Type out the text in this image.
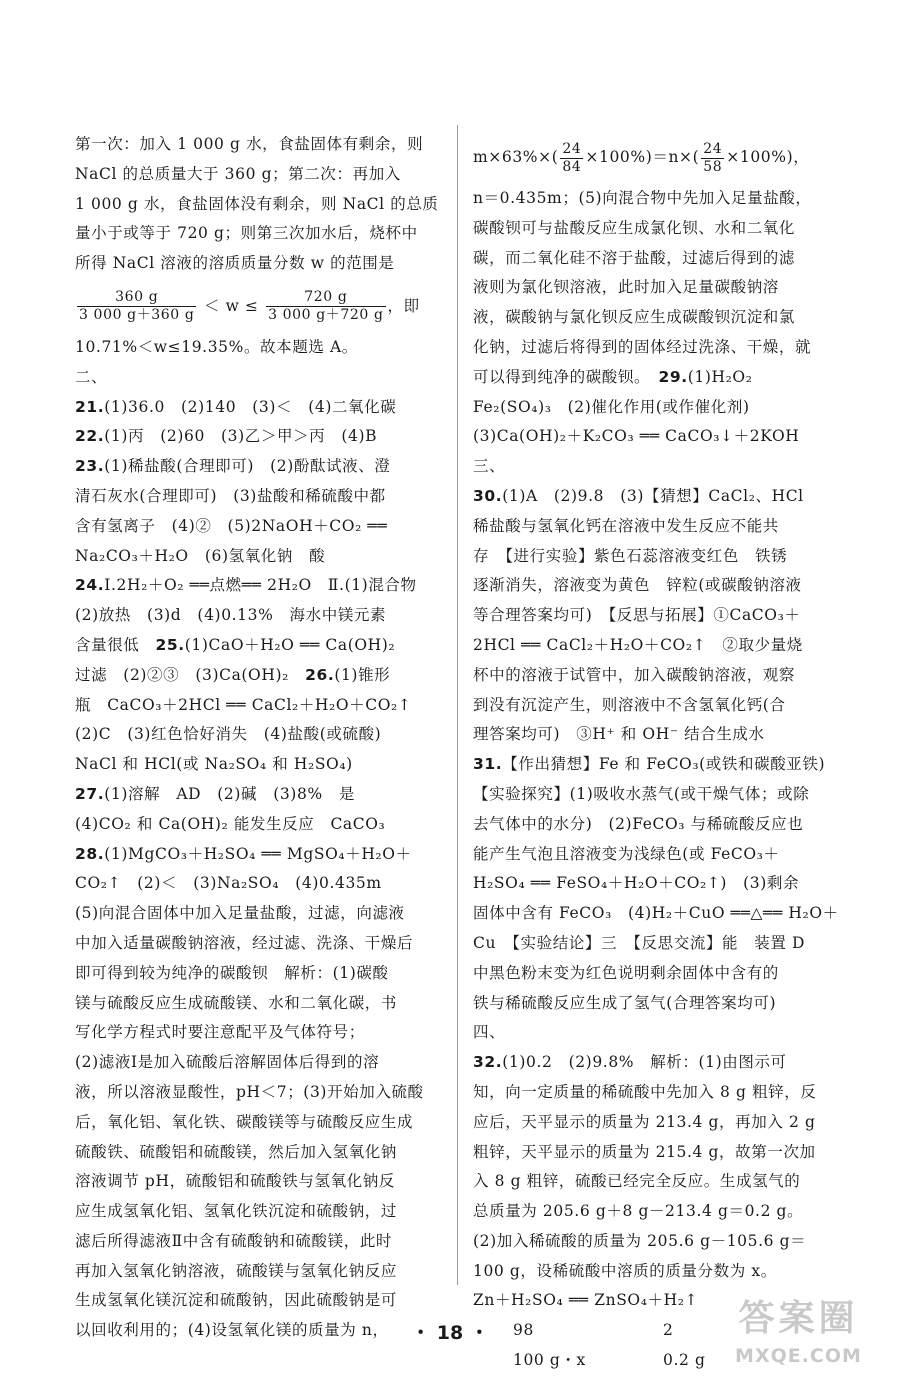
第一次：加入 1 000 g 水，食盐固体有剩余，则
NaCl 的总质量大于 360 g；第二次：再加入
1 000 g 水，食盐固体没有剩余，则 NaCl 的总质
量小于或等于 720 g；则第三次加水后，烧杯中
所得 NaCl 溶液的溶质质量分数 w 的范围是
$\frac{360 g}{3 000 g+360 g} < w \le \frac{720 g}{3 000 g+720 g}$ ，即
10.71%＜w≤19.35%。故本题选 A。
二、
21.(1)36.0　(2)140　(3)＜　(4)二氧化碳
22.(1)丙　(2)60　(3)乙＞甲＞丙　(4)B
23.(1)稀盐酸(合理即可)　(2)酚酞试液、澄
清石灰水(合理即可)　(3)盐酸和稀硫酸中都
含有氢离子　(4)②　(5)2NaOH＋CO₂ ══
Na₂CO₃＋H₂O　(6)氢氧化钠　酸
24.Ⅰ.2H₂＋O₂ ══点燃══ 2H₂O　Ⅱ.(1)混合物
(2)放热　(3)d　(4)0.13%　海水中镁元素
含量很低　 25.(1)CaO＋H₂O ══ Ca(OH)₂
过滤　(2)②③　(3)Ca(OH)₂　 26.(1)锥形
瓶　CaCO₃＋2HCl ══ CaCl₂＋H₂O＋CO₂↑
(2)C　(3)红色恰好消失　(4)盐酸(或硫酸)
NaCl 和 HCl(或 Na₂SO₄ 和 H₂SO₄)
27.(1)溶解　AD　(2)碱　(3)8%　是
(4)CO₂ 和 Ca(OH)₂ 能发生反应　CaCO₃
28.(1)MgCO₃＋H₂SO₄ ══ MgSO₄＋H₂O＋
CO₂↑　(2)＜　(3)Na₂SO₄　(4)0.435m
(5)向混合固体中加入足量盐酸，过滤，向滤液
中加入适量碳酸钠溶液，经过滤、洗涤、干燥后
即可得到较为纯净的碳酸钡　解析：(1)碳酸
镁与硫酸反应生成硫酸镁、水和二氧化碳，书
写化学方程式时要注意配平及气体符号；
(2)滤液Ⅰ是加入硫酸后溶解固体后得到的溶
液，所以溶液显酸性，pH＜7；(3)开始加入硫酸
后，氧化铝、氧化铁、碳酸镁等与硫酸反应生成
硫酸铁、硫酸铝和硫酸镁，然后加入氢氧化钠
溶液调节 pH，硫酸铝和硫酸铁与氢氧化钠反
应生成氢氧化铝、氢氧化铁沉淀和硫酸钠，过
滤后所得滤液Ⅱ中含有硫酸钠和硫酸镁，此时
再加入氢氧化钠溶液，硫酸镁与氢氧化钠反应
生成氢氧化镁沉淀和硫酸钠，因此硫酸钠是可
以回收利用的；(4)设氢氧化镁的质量为 n，
$m\times 63\%\times( \frac{24}{84} \times 100\%)=n\times( \frac{24}{58} \times 100\%)$，
n＝0.435m；(5)向混合物中先加入足量盐酸，
碳酸钡可与盐酸反应生成氯化钡、水和二氧化
碳，而二氧化硅不溶于盐酸，过滤后得到的滤
液则为氯化钡溶液，此时加入足量碳酸钠溶
液，碳酸钠与氯化钡反应生成碳酸钡沉淀和氯
化钠，过滤后将得到的固体经过洗涤、干燥，就
可以得到纯净的碳酸钡。　 29.(1)H₂O₂
Fe₂(SO₄)₃　(2)催化作用(或作催化剂)
(3)Ca(OH)₂＋K₂CO₃ ══ CaCO₃↓＋2KOH
三、
30.(1)A　(2)9.8　(3)【猜想】CaCl₂、HCl
稀盐酸与氢氧化钙在溶液中发生反应不能共
存　【进行实验】紫色石蕊溶液变红色　铁锈
逐渐消失，溶液变为黄色　锌粒(或碳酸钠溶液
等合理答案均可)　【反思与拓展】①CaCO₃＋
2HCl ══ CaCl₂＋H₂O＋CO₂↑　②取少量烧
杯中的溶液于试管中，加入碳酸钠溶液，观察
到没有沉淀产生，则溶液中不含氢氧化钙(合
理答案均可)　③H⁺ 和 OH⁻ 结合生成水
31.【作出猜想】Fe 和 FeCO₃(或铁和碳酸亚铁)
【实验探究】(1)吸收水蒸气(或干燥气体；或除
去气体中的水分)　(2)FeCO₃ 与稀硫酸反应也
能产生气泡且溶液变为浅绿色(或 FeCO₃＋
H₂SO₄ ══ FeSO₄＋H₂O＋CO₂↑)　(3)剩余
固体中含有 FeCO₃　(4)H₂＋CuO ══△══ H₂O＋
Cu　【实验结论】三　【反思交流】能　装置 D
中黑色粉末变为红色说明剩余固体中含有的
铁与稀硫酸反应生成了氢气(合理答案均可)
四、
32.(1)0.2　(2)9.8%　解析：(1)由图示可
知，向一定质量的稀硫酸中先加入 8 g 粗锌，反
应后，天平显示的质量为 213.4 g，再加入 2 g
粗锌，天平显示的质量为 215.4 g，故第一次加
入 8 g 粗锌，硫酸已经完全反应。生成氢气的
总质量为 205.6 g＋8 g－213.4 g＝0.2 g。
(2)加入稀硫酸的质量为 205.6 g－105.6 g＝
100 g，设稀硫酸中溶质的质量分数为 x。
Zn＋H₂SO₄ ══ ZnSO₄＋H₂↑
98	2
100 g・x	0.2 g
・ 18 ・	答案圈
MXQE.COM
